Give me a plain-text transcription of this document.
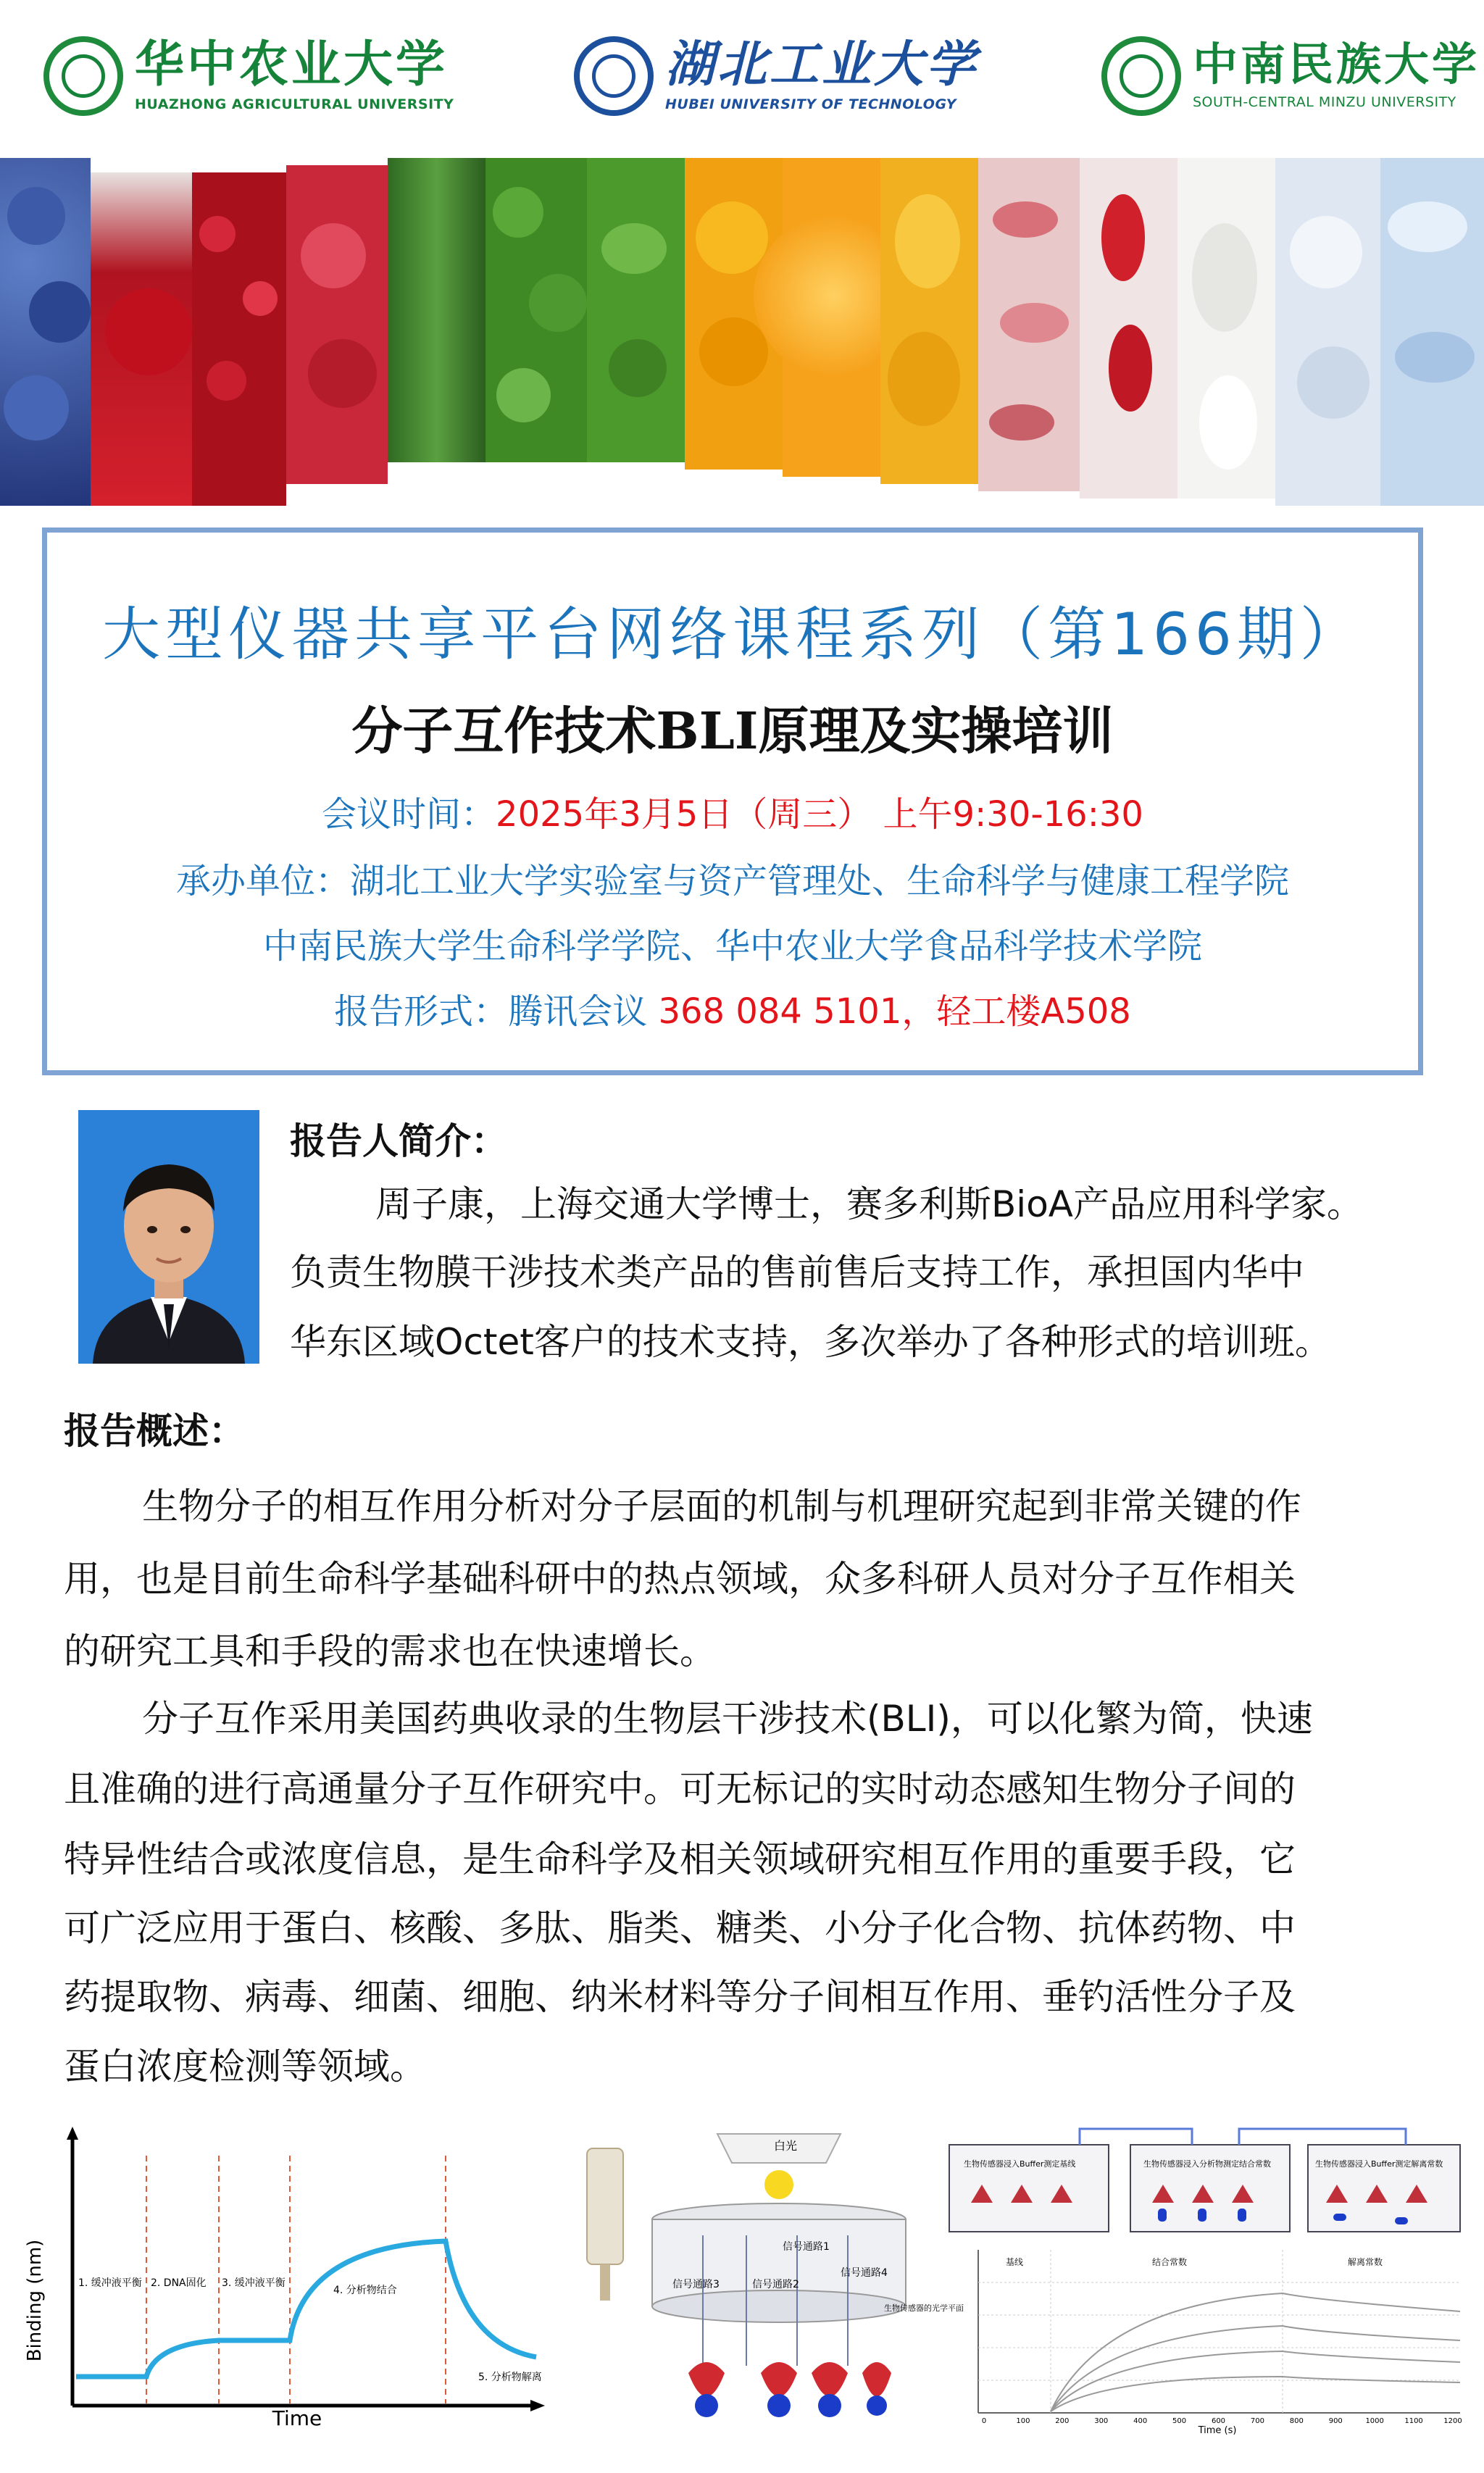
华中农业大学
HUAZHONG AGRICULTURAL UNIVERSITY
湖北工业大学
HUBEI UNIVERSITY OF TECHNOLOGY
中南民族大学
SOUTH-CENTRAL MINZU UNIVERSITY
大型仪器共享平台网络课程系列（第166期）
分子互作技术BLI原理及实操培训
会议时间：2025年3月5日（周三） 上午9:30-16:30
承办单位：湖北工业大学实验室与资产管理处、生命科学与健康工程学院
中南民族大学生命科学学院、华中农业大学食品科学技术学院
报告形式：腾讯会议 368 084 5101，轻工楼A508
报告人简介：
周子康，上海交通大学博士，赛多利斯BioA产品应用科学家。
负责生物膜干涉技术类产品的售前售后支持工作，承担国内华中
华东区域Octet客户的技术支持，多次举办了各种形式的培训班。
报告概述：
生物分子的相互作用分析对分子层面的机制与机理研究起到非常关键的作
用，也是目前生命科学基础科研中的热点领域，众多科研人员对分子互作相关
的研究工具和手段的需求也在快速增长。
分子互作采用美国药典收录的生物层干涉技术(BLI)，可以化繁为简，快速
且准确的进行高通量分子互作研究中。可无标记的实时动态感知生物分子间的
特异性结合或浓度信息，是生命科学及相关领域研究相互作用的重要手段，它
可广泛应用于蛋白、核酸、多肽、脂类、糖类、小分子化合物、抗体药物、中
药提取物、病毒、细菌、细胞、纳米材料等分子间相互作用、垂钓活性分子及
蛋白浓度检测等领域。
Binding (nm)
Time
1. 缓冲液平衡 2. DNA固化 3. 缓冲液平衡
4. 分析物结合
5. 分析物解离
白光
信号通路1
信号通路2
信号通路3
信号通路4
生物传感器的光学平面
生物传感器浸入Buffer测定基线	生物传感器浸入分析物测定结合常数	生物传感器浸入Buffer测定解离常数
基线	结合常数	解离常数
0	100	200	300	400	500	600	700	800	900	1000	1100	1200
Time (s)
